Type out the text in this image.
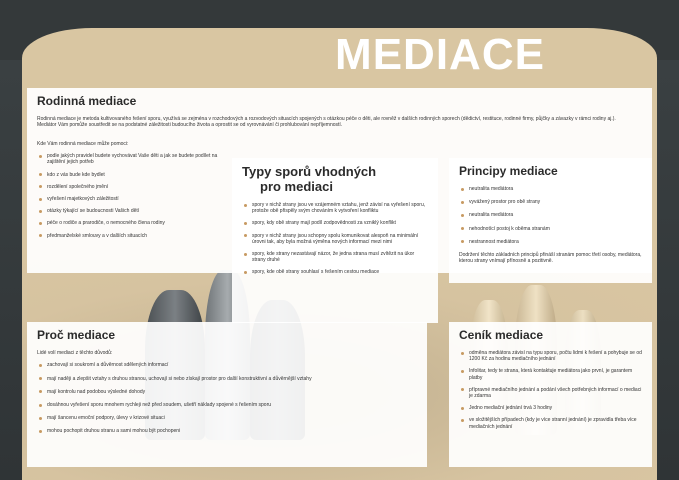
MEDIACE
Rodinná mediace

Rodinná mediace je metoda kultivovaného řešení sporu, využívá se zejména v rozchodových a rozvodových situacích spojených s otázkou péče o děti, ale rovněž v dalších rodinných sporech (dědictví, restituce, rodinné firmy, půjčky a závazky v rámci rodiny aj.). Mediátor Vám pomůže soustředit se na podstatné záležitosti budoucího života a oprostit se od vyrovnávání či prohlubování nepříjemností.

Kde Vám rodinná mediace může pomoci:

podle jakých pravidel budete vychovávat Vaše děti a jak se budete podílet na zajištění jejich potřeb
kdo z vás bude kde bydlet
rozdělení společného jmění
vyřešení majetkových záležitostí
otázky týkající se budoucnosti Vašich dětí
péče o rodiče a prarodiče, o nemocného člena rodiny
předmanželské smlouvy a v dalších situacích
Typy sporů vhodných
pro mediaci
spory v nichž strany jsou ve vzájemném vztahu, jenž závisí na vyřešení sporu, protože obě přispěly svým chováním k vytvoření konfliktu
spory, kdy obě strany mají podíl zodpovědnosti za vzniklý konflikt
spory v nichž strany jsou schopny spolu komunikovat alespoň na minimální úrovni tak, aby byla možná výměna nových informací mezi nimi
spory, kde strany nezastávají názor, že jedna strana musí zvítězit na úkor strany druhé
spory, kde obě strany souhlasí s řešením cestou mediace
Principy mediace
neutralita mediátora
vyvážený prostor pro obě strany
neutralita mediátora
nehodnotící postoj k oběma stranám
nestrannost mediátora

Dodržení těchto základních principů přináší stranám pomoc třetí osoby, mediátora, kterou strany vnímají přínosně a pozitivně.

Proč mediace

Lidé volí mediaci z těchto důvodů:

zachovají si soukromí a důvěrnost sdělených informací
mají naději a zlepšit vztahy s druhou stranou, uchovají si nebo získají prostor pro další konstruktivní a důvěrnější vztahy
mají kontrolu nad podobou výsledné dohody
dosáhnou vyřešení sporu mnohem rychleji než před soudem, ušetří náklady spojené s řešením sporu
mají šancenu emoční podpory, úlevy v krizové situaci
mohou pochopit druhou stranu a sami mohou být pochopeni
Ceník mediace
odměna mediátora závisí na typu sporu, počtu lidmi k řešení a pohybuje se od 1200 Kč za hodinu mediačního jednání
Infolitar, tedy te strana, která kontaktuje mediátora jako první, je garantem platby
přípravné mediačního jednání a podání všech potřebných informací o mediaci je zdarma
Jedno mediační jednání trvá 3 hodiny
ve složitějších případech (kdy je více stranní jednání) je zpravidla třeba více mediačních jednání
